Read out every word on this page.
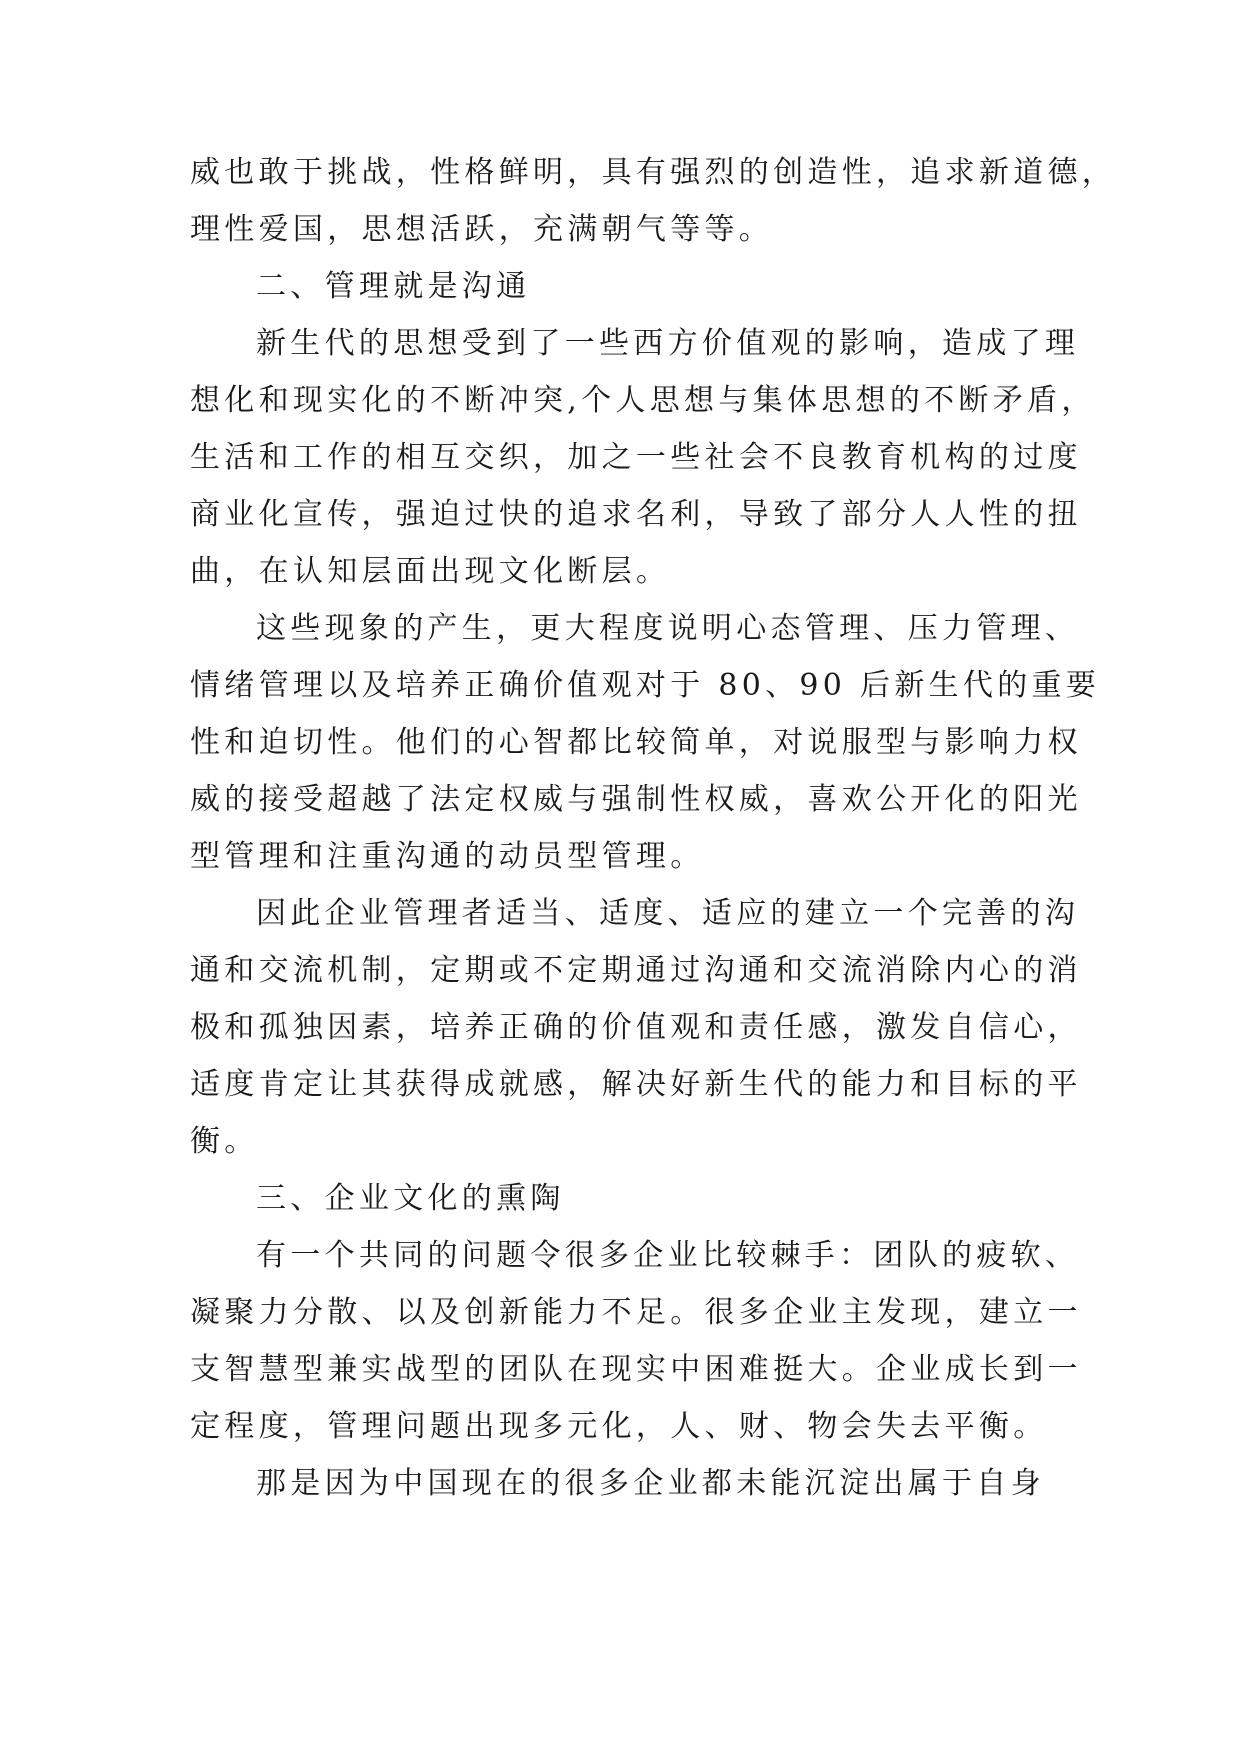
威也敢于挑战，性格鲜明，具有强烈的创造性，追求新道德，
理性爱国，思想活跃，充满朝气等等。
二、管理就是沟通
新生代的思想受到了一些西方价值观的影响，造成了理
想化和现实化的不断冲突,个人思想与集体思想的不断矛盾，
生活和工作的相互交织，加之一些社会不良教育机构的过度
商业化宣传，强迫过快的追求名利，导致了部分人人性的扭
曲，在认知层面出现文化断层。
这些现象的产生，更大程度说明心态管理、压力管理、
情绪管理以及培养正确价值观对于 80、90 后新生代的重要
性和迫切性。他们的心智都比较简单，对说服型与影响力权
威的接受超越了法定权威与强制性权威，喜欢公开化的阳光
型管理和注重沟通的动员型管理。
因此企业管理者适当、适度、适应的建立一个完善的沟
通和交流机制，定期或不定期通过沟通和交流消除内心的消
极和孤独因素，培养正确的价值观和责任感，激发自信心，
适度肯定让其获得成就感，解决好新生代的能力和目标的平
衡。
三、企业文化的熏陶
有一个共同的问题令很多企业比较棘手：团队的疲软、
凝聚力分散、以及创新能力不足。很多企业主发现，建立一
支智慧型兼实战型的团队在现实中困难挺大。企业成长到一
定程度，管理问题出现多元化，人、财、物会失去平衡。
那是因为中国现在的很多企业都未能沉淀出属于自身
